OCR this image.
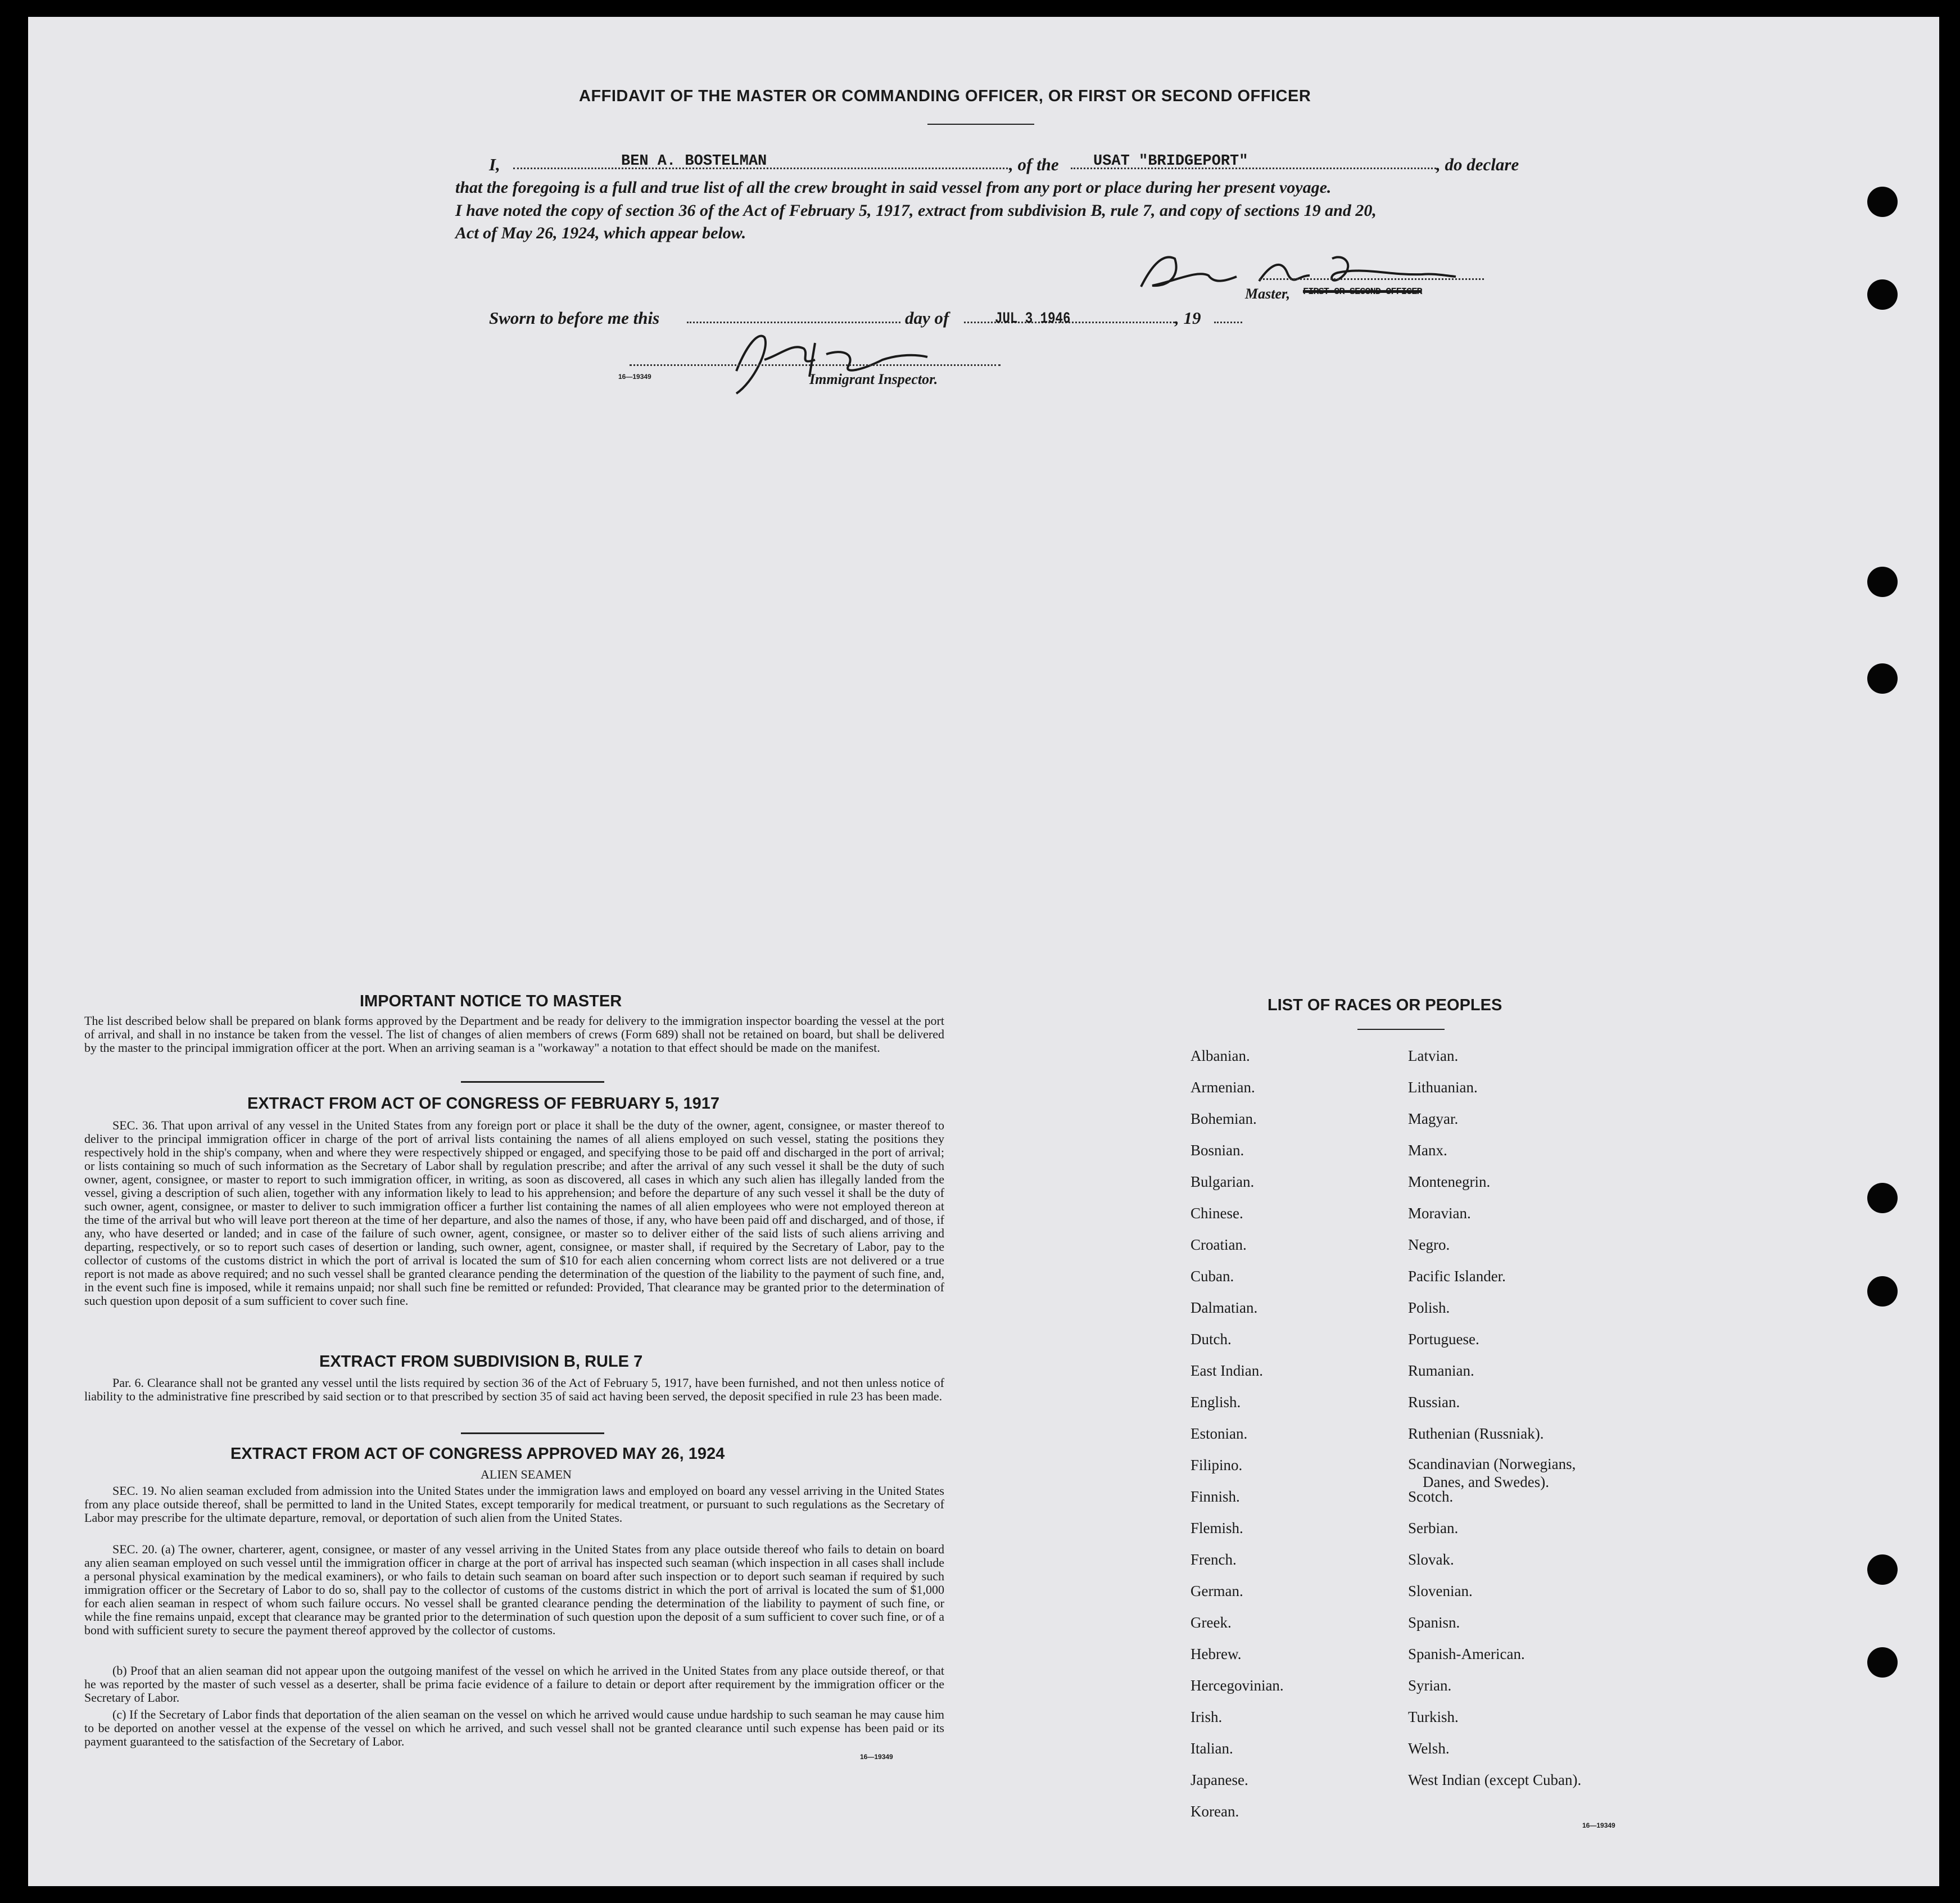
AFFIDAVIT OF THE MASTER OR COMMANDING OFFICER, OR FIRST OR SECOND OFFICER
I,	BEN A. BOSTELMAN	, of the USAT "BRIDGEPORT"	, do declare
that the foregoing is a full and true list of all the crew brought in said vessel from any port or place during her present voyage.
I have noted the copy of section 36 of the Act of February 5, 1917, extract from subdivision B, rule 7, and copy of sections 19 and 20,
Act of May 26, 1924, which appear below.
Master, FIRST OR SECOND OFFICER
Sworn to before me this	day of	JUL 3 1946	, 19
16—19349	Immigrant Inspector.
IMPORTANT NOTICE TO MASTER
The list described below shall be prepared on blank forms approved by the Department and be ready for delivery to the immigration inspector boarding the vessel at the port of arrival, and shall in no instance be taken from the vessel. The list of changes of alien members of crews (Form 689) shall not be retained on board, but shall be delivered by the master to the principal immigration officer at the port. When an arriving seaman is a "workaway" a notation to that effect should be made on the manifest.
EXTRACT FROM ACT OF CONGRESS OF FEBRUARY 5, 1917
SEC. 36. That upon arrival of any vessel in the United States from any foreign port or place it shall be the duty of the owner, agent, consignee, or master thereof to deliver to the principal immigration officer in charge of the port of arrival lists containing the names of all aliens employed on such vessel, stating the positions they respectively hold in the ship's company, when and where they were respectively shipped or engaged, and specifying those to be paid off and discharged in the port of arrival; or lists containing so much of such information as the Secretary of Labor shall by regulation prescribe; and after the arrival of any such vessel it shall be the duty of such owner, agent, consignee, or master to report to such immigration officer, in writing, as soon as discovered, all cases in which any such alien has illegally landed from the vessel, giving a description of such alien, together with any information likely to lead to his apprehension; and before the departure of any such vessel it shall be the duty of such owner, agent, consignee, or master to deliver to such immigration officer a further list containing the names of all alien employees who were not employed thereon at the time of the arrival but who will leave port thereon at the time of her departure, and also the names of those, if any, who have been paid off and discharged, and of those, if any, who have deserted or landed; and in case of the failure of such owner, agent, consignee, or master so to deliver either of the said lists of such aliens arriving and departing, respectively, or so to report such cases of desertion or landing, such owner, agent, consignee, or master shall, if required by the Secretary of Labor, pay to the collector of customs of the customs district in which the port of arrival is located the sum of $10 for each alien concerning whom correct lists are not delivered or a true report is not made as above required; and no such vessel shall be granted clearance pending the determination of the question of the liability to the payment of such fine, and, in the event such fine is imposed, while it remains unpaid; nor shall such fine be remitted or refunded: Provided, That clearance may be granted prior to the determination of such question upon deposit of a sum sufficient to cover such fine.
EXTRACT FROM SUBDIVISION B, RULE 7
Par. 6. Clearance shall not be granted any vessel until the lists required by section 36 of the Act of February 5, 1917, have been furnished, and not then unless notice of liability to the administrative fine prescribed by said section or to that prescribed by section 35 of said act having been served, the deposit specified in rule 23 has been made.
EXTRACT FROM ACT OF CONGRESS APPROVED MAY 26, 1924
ALIEN SEAMEN
SEC. 19. No alien seaman excluded from admission into the United States under the immigration laws and employed on board any vessel arriving in the United States from any place outside thereof, shall be permitted to land in the United States, except temporarily for medical treatment, or pursuant to such regulations as the Secretary of Labor may prescribe for the ultimate departure, removal, or deportation of such alien from the United States.
SEC. 20. (a) The owner, charterer, agent, consignee, or master of any vessel arriving in the United States from any place outside thereof who fails to detain on board any alien seaman employed on such vessel until the immigration officer in charge at the port of arrival has inspected such seaman (which inspection in all cases shall include a personal physical examination by the medical examiners), or who fails to detain such seaman on board after such inspection or to deport such seaman if required by such immigration officer or the Secretary of Labor to do so, shall pay to the collector of customs of the customs district in which the port of arrival is located the sum of $1,000 for each alien seaman in respect of whom such failure occurs. No vessel shall be granted clearance pending the determination of the liability to payment of such fine, or while the fine remains unpaid, except that clearance may be granted prior to the determination of such question upon the deposit of a sum sufficient to cover such fine, or of a bond with sufficient surety to secure the payment thereof approved by the collector of customs.
(b) Proof that an alien seaman did not appear upon the outgoing manifest of the vessel on which he arrived in the United States from any place outside thereof, or that he was reported by the master of such vessel as a deserter, shall be prima facie evidence of a failure to detain or deport after requirement by the immigration officer or the Secretary of Labor.
(c) If the Secretary of Labor finds that deportation of the alien seaman on the vessel on which he arrived would cause undue hardship to such seaman he may cause him to be deported on another vessel at the expense of the vessel on which he arrived, and such vessel shall not be granted clearance until such expense has been paid or its payment guaranteed to the satisfaction of the Secretary of Labor.
16—19349
LIST OF RACES OR PEOPLES
Albanian.
Armenian.
Bohemian.
Bosnian.
Bulgarian.
Chinese.
Croatian.
Cuban.
Dalmatian.
Dutch.
East Indian.
English.
Estonian.
Filipino.
Finnish.
Flemish.
French.
German.
Greek.
Hebrew.
Hercegovinian.
Irish.
Italian.
Japanese.
Korean.
Latvian.
Lithuanian.
Magyar.
Manx.
Montenegrin.
Moravian.
Negro.
Pacific Islander.
Polish.
Portuguese.
Rumanian.
Russian.
Ruthenian (Russniak).
Scandinavian (Norwegians,
Danes, and Swedes).
Scotch.
Serbian.
Slovak.
Slovenian.
Spanisn.
Spanish-American.
Syrian.
Turkish.
Welsh.
West Indian (except Cuban).
16—19349
